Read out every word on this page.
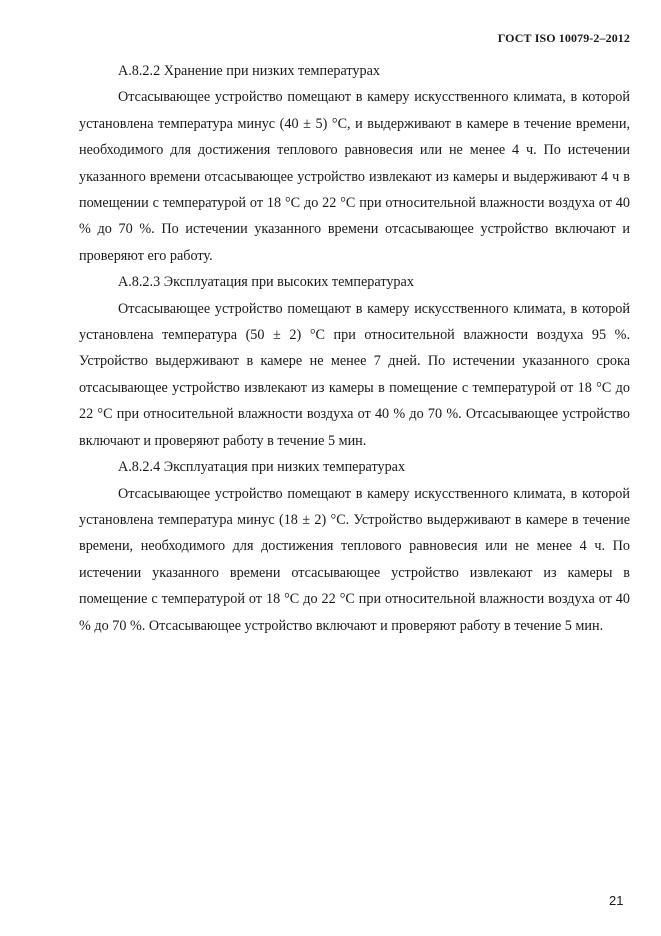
ГОСТ ISO 10079-2–2012

А.8.2.2 Хранение при низких температурах

Отсасывающее устройство помещают в камеру искусственного климата, в которой установлена температура минус (40 ± 5) °С, и выдерживают в камере в течение времени, необходимого для достижения теплового равновесия или не менее 4 ч. По истечении указанного времени отсасывающее устройство извлекают из камеры и выдерживают 4 ч в помещении с температурой от 18 °С до 22 °С при относительной влажности воздуха от 40 % до 70 %. По истечении указанного времени отсасывающее устройство включают и проверяют его работу.

А.8.2.3 Эксплуатация при высоких температурах

Отсасывающее устройство помещают в камеру искусственного климата, в которой установлена температура (50 ± 2) °С при относительной влажности воздуха 95 %. Устройство выдерживают в камере не менее 7 дней. По истечении указанного срока отсасывающее устройство извлекают из камеры в помещение с температурой от 18 °С до 22 °С при относительной влажности воздуха от 40 % до 70 %. Отсасывающее устройство включают и проверяют работу в течение 5 мин.

А.8.2.4 Эксплуатация при низких температурах

Отсасывающее устройство помещают в камеру искусственного климата, в которой установлена температура минус (18 ± 2) °С. Устройство выдерживают в камере в течение времени, необходимого для достижения теплового равновесия или не менее 4 ч. По истечении указанного времени отсасывающее устройство извлекают из камеры в помещение с температурой от 18 °С до 22 °С при относительной влажности воздуха от 40 % до 70 %. Отсасывающее устройство включают и проверяют работу в течение 5 мин.

21
